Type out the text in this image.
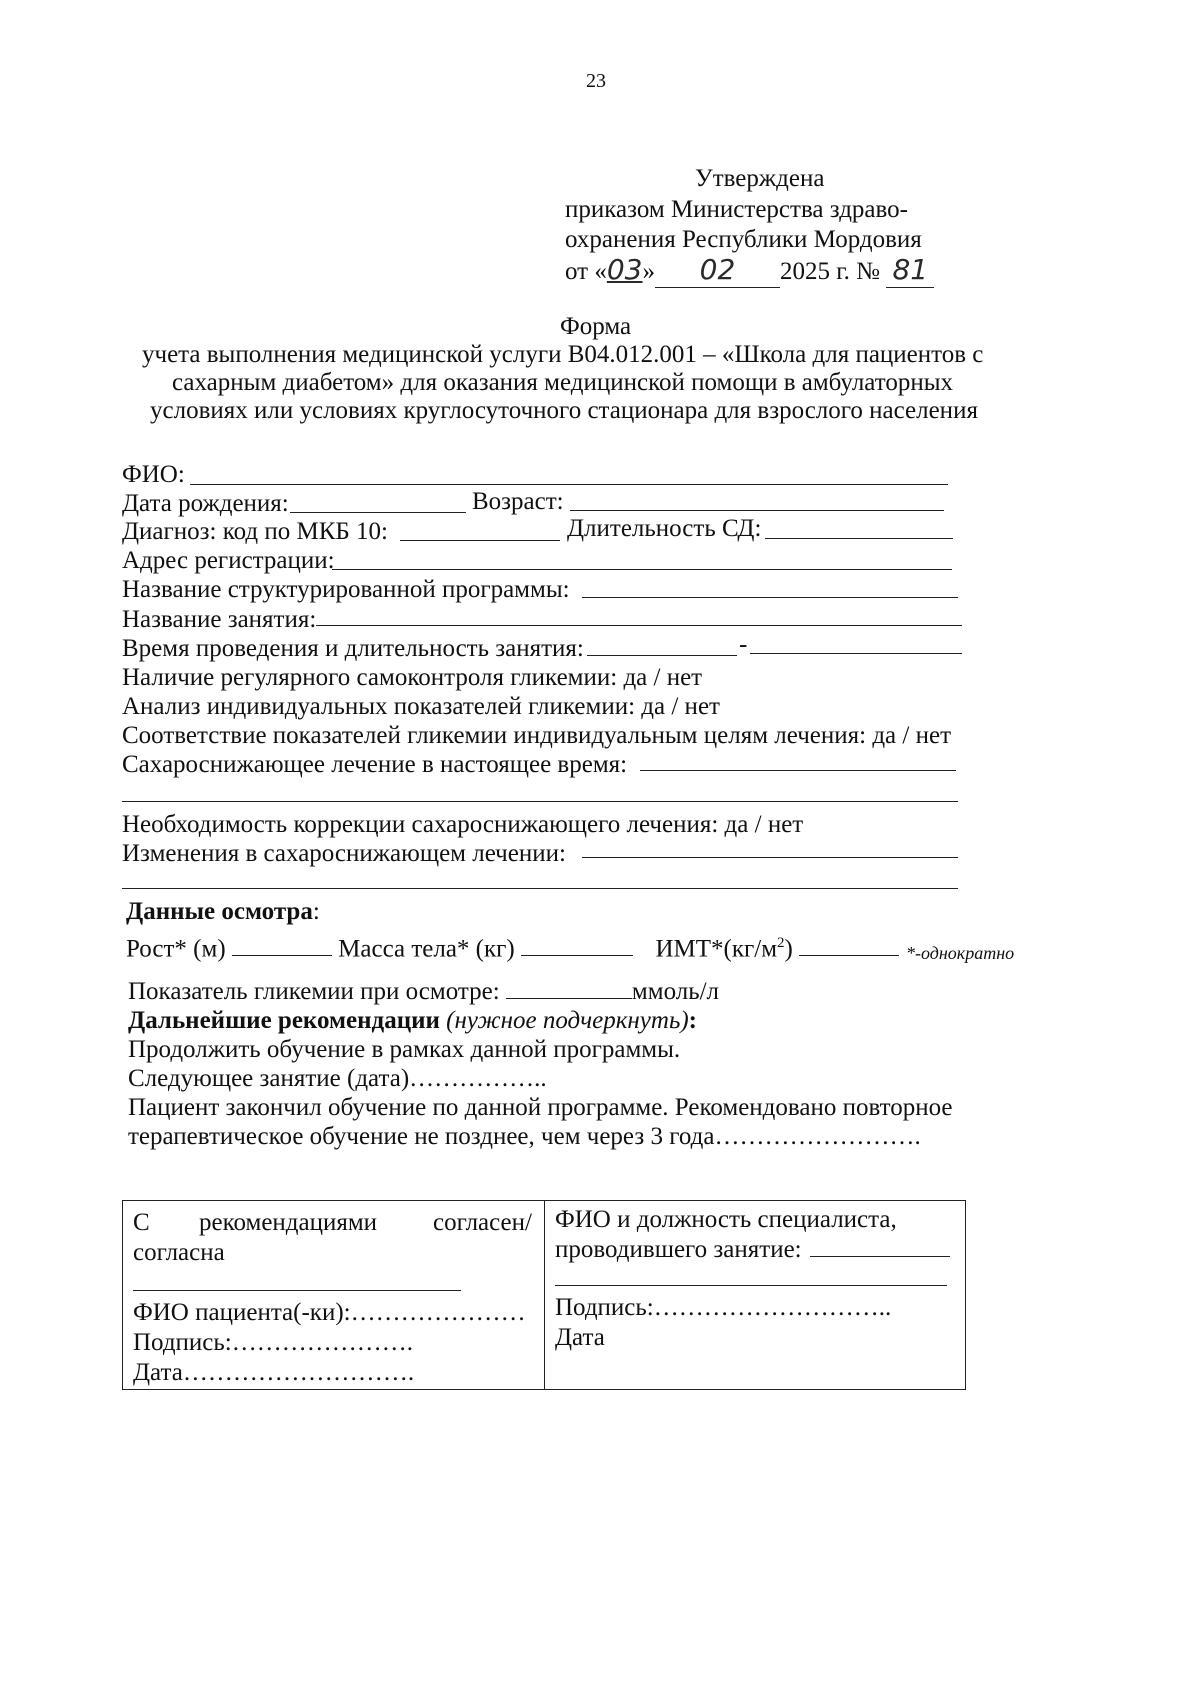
23
Утверждена
приказом Министерства здраво-
охранения Республики Мордовия
от «03» 02 2025 г. № 81
Форма
учета выполнения медицинской услуги В04.012.001 – «Школа для пациентов с
сахарным диабетом» для оказания медицинской помощи в амбулаторных
условиях или условиях круглосуточного стационара для взрослого населения
ФИО:
Дата рождения:	Возраст:
Диагноз: код по МКБ 10:	Длительность СД:
Адрес регистрации:
Название структурированной программы:
Название занятия:
Время проведения и длительность занятия:	-
Наличие регулярного самоконтроля гликемии: да / нет
Анализ индивидуальных показателей гликемии: да / нет
Соответствие показателей гликемии индивидуальным целям лечения: да / нет
Сахароснижающее лечение в настоящее время:
Необходимость коррекции сахароснижающего лечения: да / нет
Изменения в сахароснижающем лечении:
Данные осмотра:
Рост* (м)	Масса тела* (кг)	$ИМТ*(кг/м^2)$	*-однократно
Показатель гликемии при осмотре:	ммоль/л
Дальнейшие рекомендации (нужное подчеркнуть):
Продолжить обучение в рамках данной программы.
Следующее занятие (дата)……………..
Пациент закончил обучение по данной программе. Рекомендовано повторное
терапевтическое обучение не позднее, чем через 3 года…………………….
С рекомендациями согласен/
согласна
ФИО пациента(-ки):…………………
Подпись:………………….
Дата……………………….
ФИО и должность специалиста,
проводившего занятие:
Подпись:………………………..
Дата
